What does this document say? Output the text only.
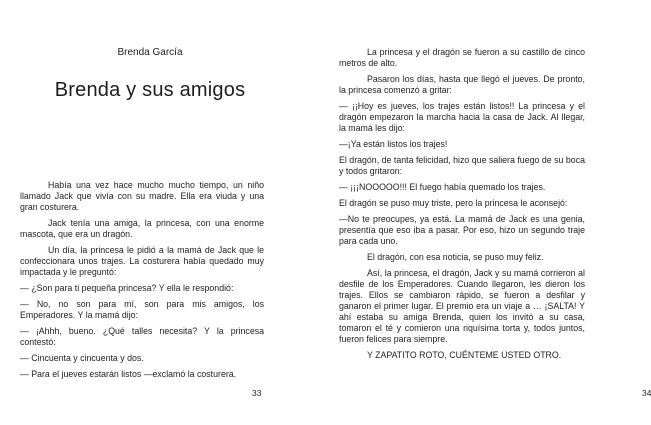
Brenda García
Brenda y sus amigos

Había una vez hace mucho mucho tiempo, un niño llamado Jack que vivía con su madre. Ella era viuda y una gran costurera.

Jack tenía una amiga, la princesa, con una enorme mascota, que era un dragón.

Un día, la princesa le pidió a la mamá de Jack que le confeccionara unos trajes. La costurera había quedado muy impactada y le preguntó:

— ¿Son para ti pequeña princesa? Y ella le respondió:

— No, no son para mí, son para mis amigos, los Emperadores. Y la mamá dijo:

— ¡Ahhh, bueno. ¿Qué talles necesita? Y la princesa contestó:

— Cincuenta y cincuenta y dos.

— Para el jueves estarán listos —exclamó la costurera.

33

La princesa y el dragón se fueron a su castillo de cinco metros de alto.

Pasaron los días, hasta que llegó el jueves. De pronto, la princesa comenzó a gritar:

— ¡¡Hoy es jueves, los trajes están listos!! La princesa y el dragón empezaron la marcha hacia la casa de Jack. Al llegar, la mamá les dijo:

—¡Ya están listos los trajes!

El dragón, de tanta felicidad, hizo que saliera fuego de su boca y todos gritaron:

— ¡¡¡NOOOOO!!! El fuego había quemado los trajes.

El dragón se puso muy triste, pero la princesa le aconsejó:

—No te preocupes, ya está. La mamá de Jack es una genia, presentía que eso iba a pasar. Por eso, hizo un segundo traje para cada uno.

El dragón, con esa noticia, se puso muy feliz.

Así, la princesa, el dragón, Jack y su mamá corrieron al desfile de los Emperadores. Cuando llegaron, les dieron los trajes. Ellos se cambiaron rápido, se fueron a desfilar y ganaron el primer lugar. El premio era un viaje a … ¡SALTA! Y ahí estaba su amiga Brenda, quien los invitó a su casa, tomaron el té y comieron una riquísima torta y, todos juntos, fueron felices para siempre.

Y ZAPATITO ROTO, CUÉNTEME USTED OTRO.

34
